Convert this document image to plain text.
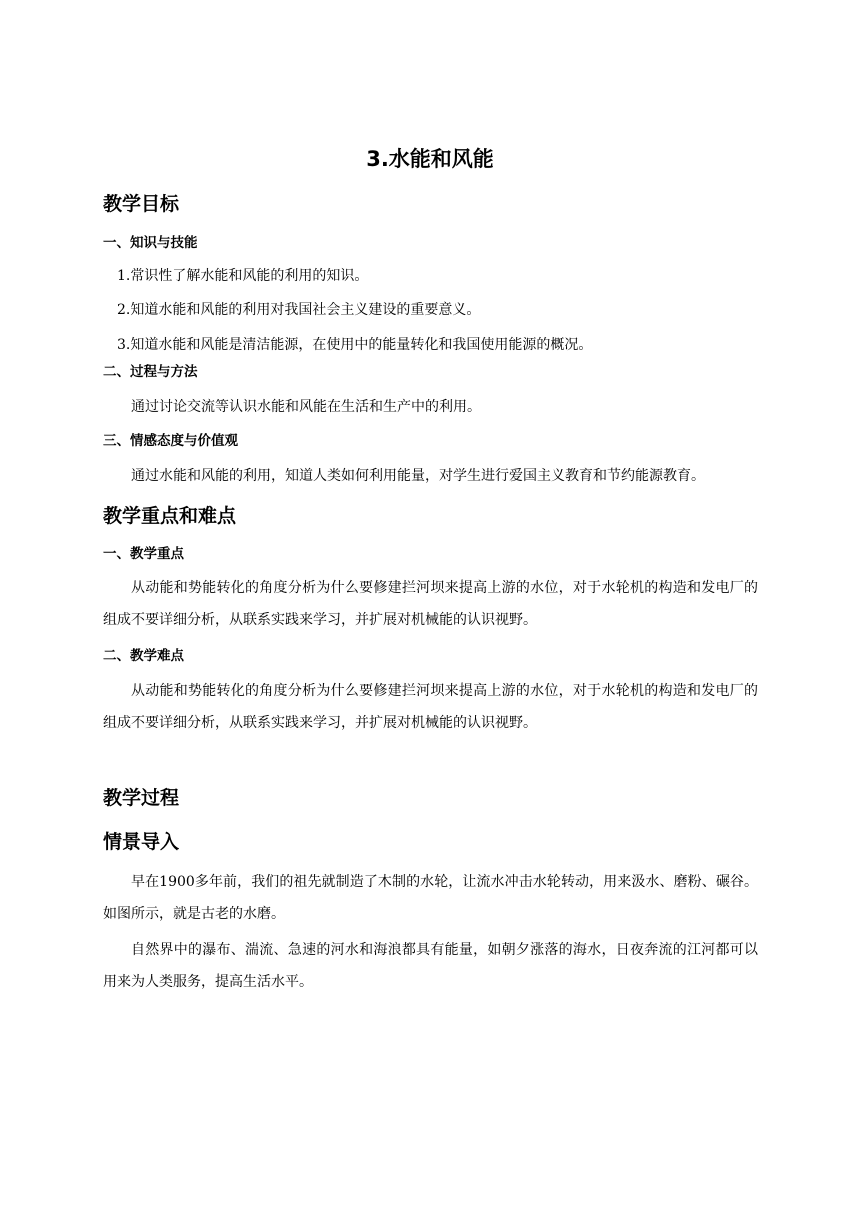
3.水能和风能
教学目标
一、知识与技能

1.常识性了解水能和风能的利用的知识。

2.知道水能和风能的利用对我国社会主义建设的重要意义。

3.知道水能和风能是清洁能源，在使用中的能量转化和我国使用能源的概况。

二、过程与方法

通过讨论交流等认识水能和风能在生活和生产中的利用。

三、情感态度与价值观

通过水能和风能的利用，知道人类如何利用能量，对学生进行爱国主义教育和节约能源教育。

教学重点和难点
一、教学重点

从动能和势能转化的角度分析为什么要修建拦河坝来提高上游的水位，对于水轮机的构造和发电厂的组成不要详细分析，从联系实践来学习，并扩展对机械能的认识视野。

二、教学难点

从动能和势能转化的角度分析为什么要修建拦河坝来提高上游的水位，对于水轮机的构造和发电厂的组成不要详细分析，从联系实践来学习，并扩展对机械能的认识视野。

教学过程
情景导入

早在1900多年前，我们的祖先就制造了木制的水轮，让流水冲击水轮转动，用来汲水、磨粉、碾谷。如图所示，就是古老的水磨。

自然界中的瀑布、湍流、急速的河水和海浪都具有能量，如朝夕涨落的海水，日夜奔流的江河都可以用来为人类服务，提高生活水平。
